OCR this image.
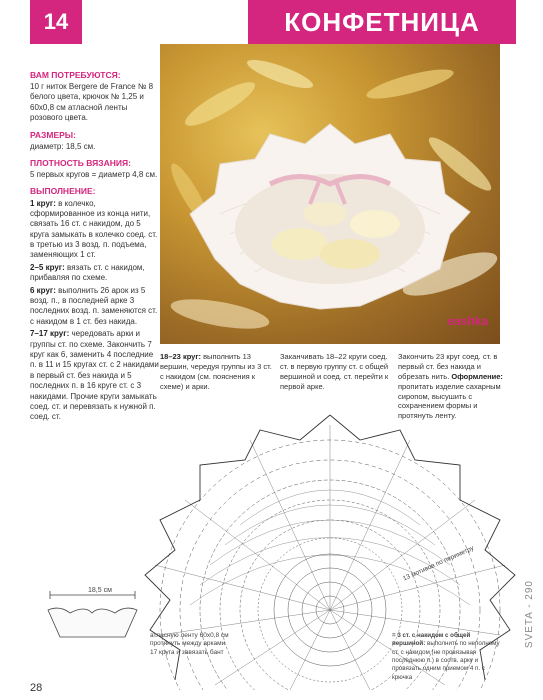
14	КОНФЕТНИЦА
eashka
ВАМ ПОТРЕБУЮТСЯ:
10 г ниток Bergere de France № 8 белого цвета, крючок № 1,25 и 60х0,8 см атласной ленты розового цвета.
РАЗМЕРЫ:
диаметр: 18,5 см.
ПЛОТНОСТЬ ВЯЗАНИЯ:
5 первых кругов = диаметр 4,8 см.
ВЫПОЛНЕНИЕ:
1 круг: в колечко, сформированное из конца нити, связать 16 ст. с накидом, до 5 круга замыкать в колечко соед. ст. в третью из 3 возд. п. подъема, заменяющих 1 ст.
2–5 круг: вязать ст. с накидом, прибавляя по схеме.
6 круг: выполнить 26 арок из 5 возд. п., в последней арке 3 последних возд. п. заменяются ст. с накидом в 1 ст. без накида.
7–17 круг: чередовать арки и группы ст. по схеме. Закончить 7 круг как 6, заменить 4 последние п. в 11 и 15 кругах ст. с 2 накидами в первый ст. без накида и 5 последних п. в 16 круге ст. с 3 накидами. Прочие круги замыкать соед. ст. и перевязать к нужной п. соед. ст.
18–23 круг: выполнить 13 вершин, чередуя группы из 3 ст. с накидом (см. пояснения к схеме) и арки.
Заканчивать 18–22 круги соед. ст. в первую группу ст. с общей вершиной и соед. ст. перейти к первой арке.
Закончить 23 круг соед. ст. в первый ст. без накида и обрезать нить. Оформление: пропитать изделие сахарным сиропом, высушить с сохранением формы и протянуть ленту.
18,5 см
атласную ленту 60х0,8 см протянуть между арками 17 круга и завязать бант
13 мотивов по периметру
= 3 ст. с накидом с общей вершиной: выполнить по неполному ст. с накидом (не провязывая последнюю п.) в соотв. арку и провязать одним приемом 4 п. с крючка
28
SVETA - 290
